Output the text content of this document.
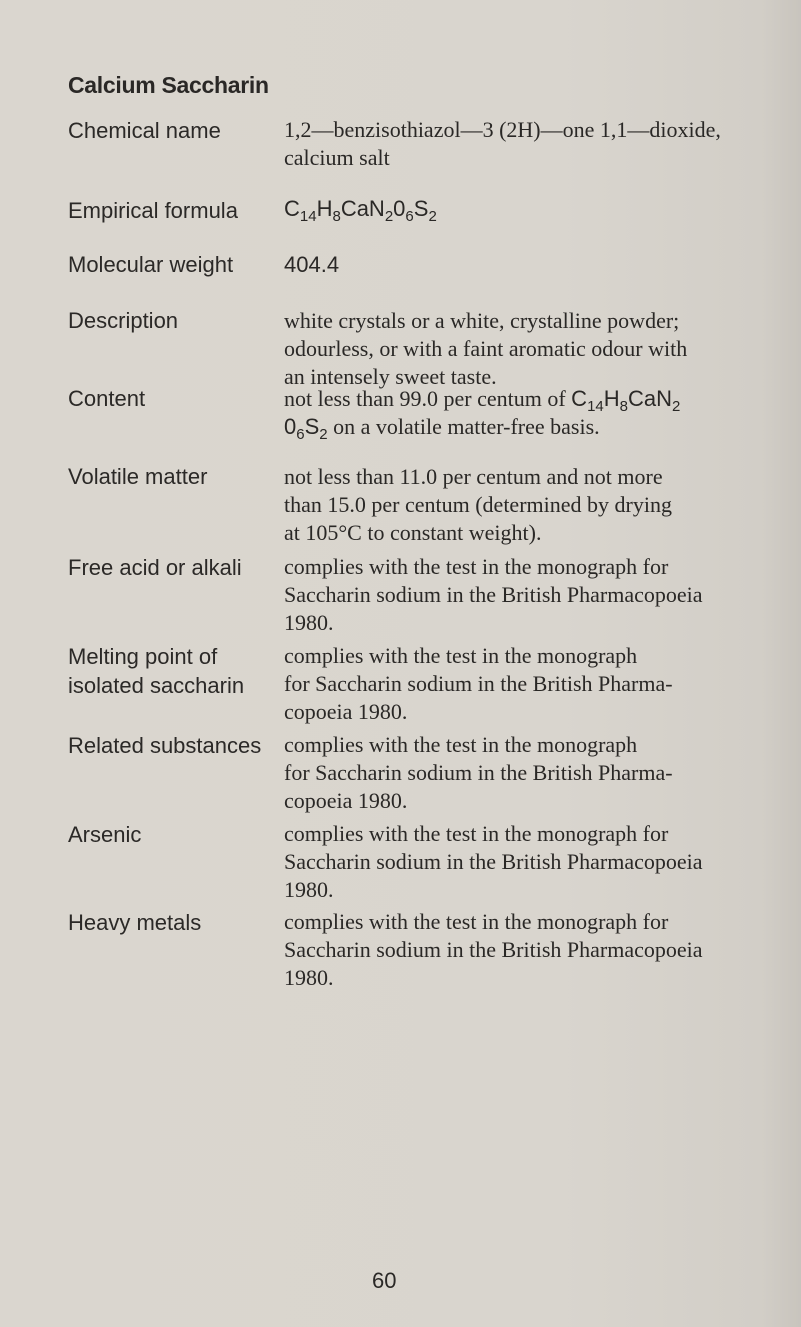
Calcium Saccharin
Chemical name	1,2—benzisothiazol—3 (2H)—one 1,1—dioxide,
calcium salt
Empirical formula $C_{14}H_8CaN_20_6S_2$
Molecular weight 404.4
Description	white crystals or a white, crystalline powder;
odourless, or with a faint aromatic odour with
an intensely sweet taste.
Content	not less than 99.0 per centum of $C_{14}H_8CaN_2$
$0_6S_2$ on a volatile matter-free basis.
Volatile matter	not less than 11.0 per centum and not more
than 15.0 per centum (determined by drying
at 105°C to constant weight).
Free acid or alkali complies with the test in the monograph for
Saccharin sodium in the British Pharmacopoeia
1980.
Melting point of
isolated saccharin
complies with the test in the monograph
for Saccharin sodium in the British Pharma-
copoeia 1980.
Related substances complies with the test in the monograph
for Saccharin sodium in the British Pharma-
copoeia 1980.
Arsenic	complies with the test in the monograph for
Saccharin sodium in the British Pharmacopoeia
1980.
Heavy metals	complies with the test in the monograph for
Saccharin sodium in the British Pharmacopoeia
1980.
60
